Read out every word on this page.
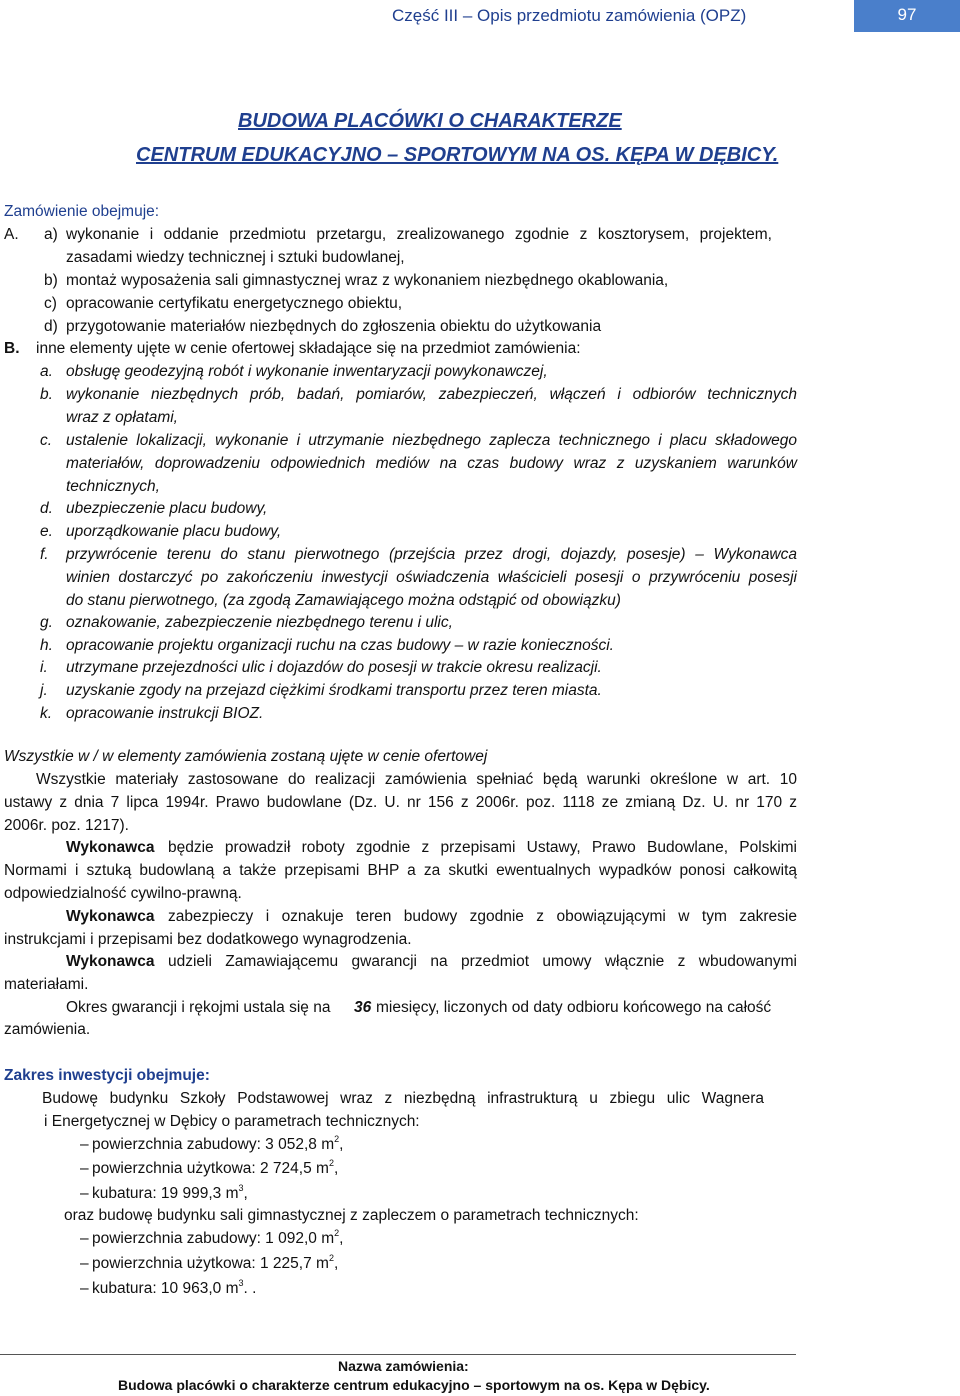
Część III – Opis przedmiotu zamówienia (OPZ)	97
BUDOWA PLACÓWKI O CHARAKTERZE
CENTRUM EDUKACYJNO – SPORTOWYM NA OS. KĘPA W DĘBICY.
Zamówienie obejmuje:
A. a) wykonanie i oddanie przedmiotu przetargu, zrealizowanego zgodnie z kosztorysem, projektem,
zasadami wiedzy technicznej i sztuki budowlanej,
b) montaż wyposażenia sali gimnastycznej wraz z wykonaniem niezbędnego okablowania,
c) opracowanie certyfikatu energetycznego obiektu,
d) przygotowanie materiałów niezbędnych do zgłoszenia obiektu do użytkowania
B. inne elementy ujęte w cenie ofertowej składające się na przedmiot zamówienia:
a. obsługę geodezyjną robót i wykonanie inwentaryzacji powykonawczej,
b. wykonanie niezbędnych prób, badań, pomiarów, zabezpieczeń, włączeń i odbiorów technicznych
wraz z opłatami,
c. ustalenie lokalizacji, wykonanie i utrzymanie niezbędnego zaplecza technicznego i placu składowego
materiałów, doprowadzeniu odpowiednich mediów na czas budowy wraz z uzyskaniem warunków
technicznych,
d. ubezpieczenie placu budowy,
e. uporządkowanie placu budowy,
f. przywrócenie terenu do stanu pierwotnego (przejścia przez drogi, dojazdy, posesje) – Wykonawca
winien dostarczyć po zakończeniu inwestycji oświadczenia właścicieli posesji o przywróceniu posesji
do stanu pierwotnego, (za zgodą Zamawiającego można odstąpić od obowiązku)
g. oznakowanie, zabezpieczenie niezbędnego terenu i ulic,
h. opracowanie projektu organizacji ruchu na czas budowy – w razie konieczności.
i. utrzymane przejezdności ulic i dojazdów do posesji w trakcie okresu realizacji.
j. uzyskanie zgody na przejazd ciężkimi środkami transportu przez teren miasta.
k. opracowanie instrukcji BIOZ.
Wszystkie w / w elementy zamówienia zostaną ujęte w cenie ofertowej
Wszystkie materiały zastosowane do realizacji zamówienia spełniać będą warunki określone w art. 10
ustawy z dnia 7 lipca 1994r. Prawo budowlane (Dz. U. nr 156 z 2006r. poz. 1118 ze zmianą Dz. U. nr 170 z
2006r. poz. 1217).
Wykonawca będzie prowadził roboty zgodnie z przepisami Ustawy, Prawo Budowlane, Polskimi
Normami i sztuką budowlaną a także przepisami BHP a za skutki ewentualnych wypadków ponosi całkowitą
odpowiedzialność cywilno-prawną.
Wykonawca zabezpieczy i oznakuje teren budowy zgodnie z obowiązującymi w tym zakresie
instrukcjami i przepisami bez dodatkowego wynagrodzenia.
Wykonawca udzieli Zamawiającemu gwarancji na przedmiot umowy włącznie z wbudowanymi
materiałami.
Okres gwarancji i rękojmi ustala się na 36 miesięcy, liczonych od daty odbioru końcowego na całość
zamówienia.
Zakres inwestycji obejmuje:
Budowę budynku Szkoły Podstawowej wraz z niezbędną infrastrukturą u zbiegu ulic Wagnera
i Energetycznej w Dębicy o parametrach technicznych:
– powierzchnia zabudowy: 3 052,8 $m^2$,
– powierzchnia użytkowa: 2 724,5 $m^2$,
– kubatura: 19 999,3 $m^3$,
oraz budowę budynku sali gimnastycznej z zapleczem o parametrach technicznych:
– powierzchnia zabudowy: 1 092,0 $m^2$,
– powierzchnia użytkowa: 1 225,7 $m^2$,
– kubatura: 10 963,0 $m^3$. .
Nazwa zamówienia:
Budowa placówki o charakterze centrum edukacyjno – sportowym na os. Kępa w Dębicy.
